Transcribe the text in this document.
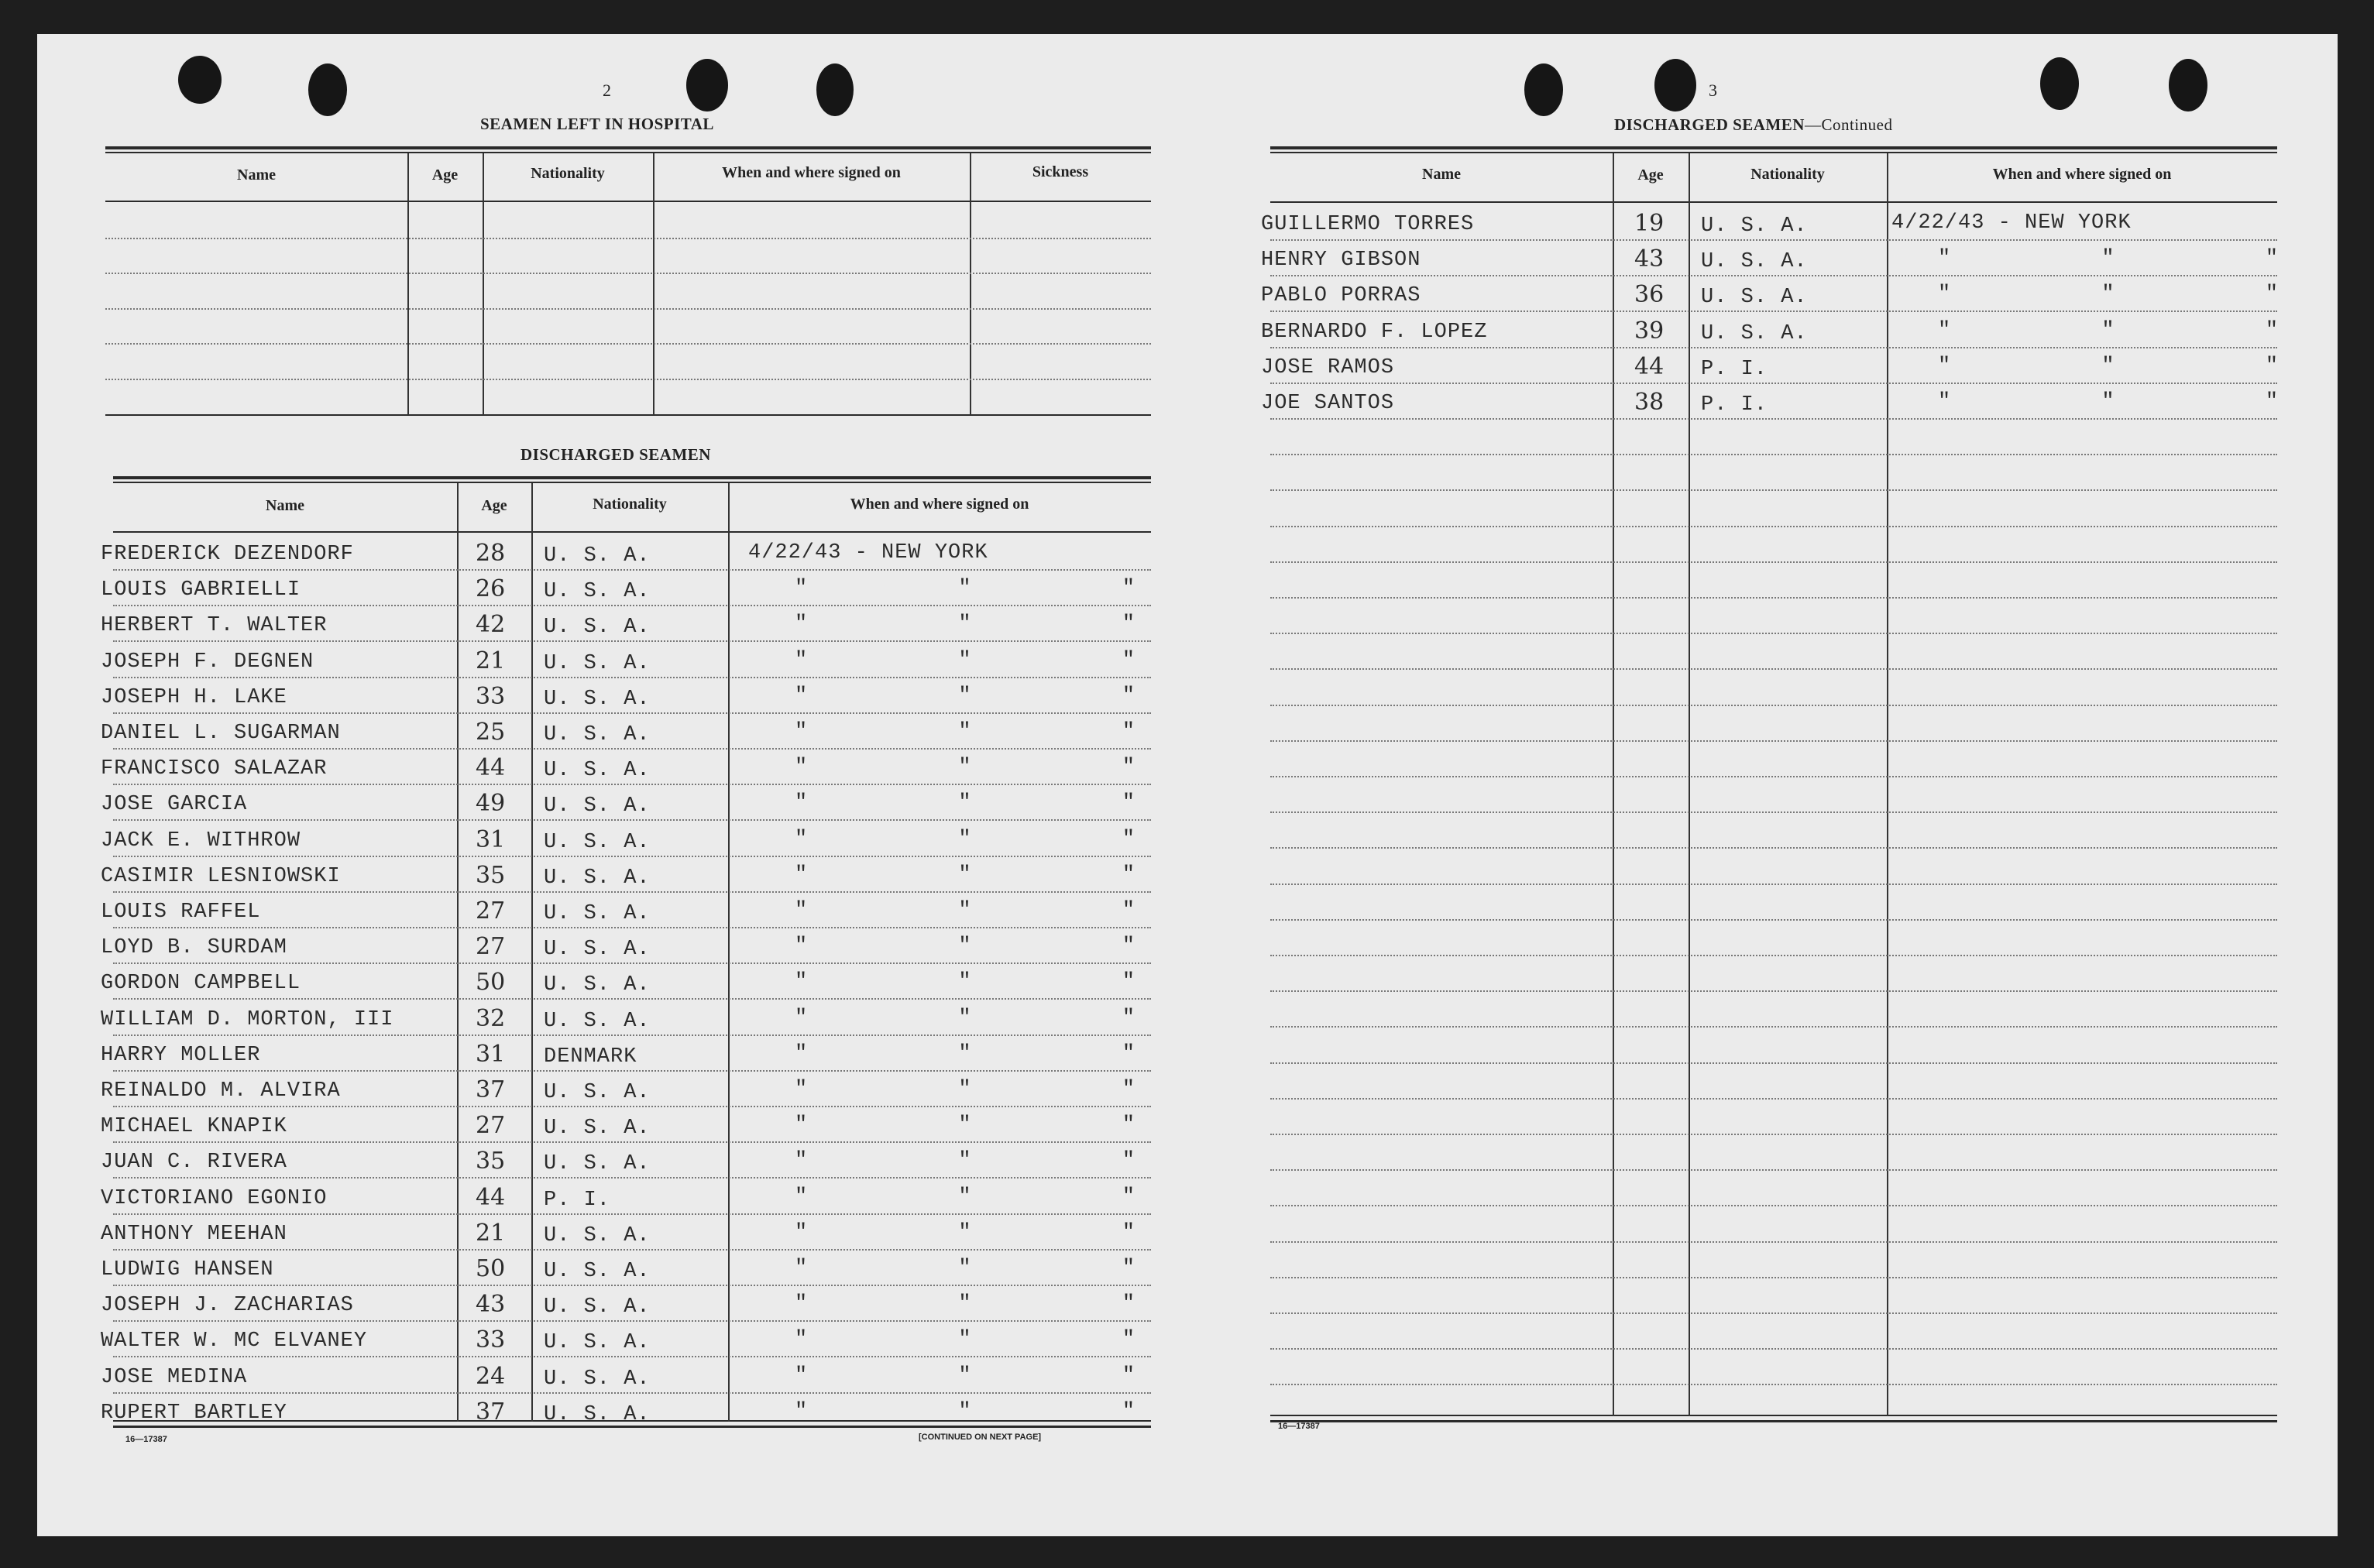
2
SEAMEN LEFT IN HOSPITAL
Name	Age	Nationality	When and where signed on	Sickness
DISCHARGED SEAMEN
Name	Age	Nationality	When and where signed on
FREDERICK DEZENDORF	28 U. S. A.	4/22/43 - NEW YORK
LOUIS GABRIELLI	26 U. S. A.	"      "      "
HERBERT T. WALTER	42 U. S. A.	"      "      "
JOSEPH F. DEGNEN	21 U. S. A.	"      "      "
JOSEPH H. LAKE	33 U. S. A.	"      "      "
DANIEL L. SUGARMAN	25 U. S. A.	"      "      "
FRANCISCO SALAZAR	44 U. S. A.	"      "      "
JOSE GARCIA	49 U. S. A.	"      "      "
JACK E. WITHROW	31 U. S. A.	"      "      "
CASIMIR LESNIOWSKI	35 U. S. A.	"      "      "
LOUIS RAFFEL	27 U. S. A.	"      "      "
LOYD B. SURDAM	27 U. S. A.	"      "      "
GORDON CAMPBELL	50 U. S. A.	"      "      "
WILLIAM D. MORTON, III	32 U. S. A.	"      "      "
HARRY MOLLER	31 DENMARK	"      "      "
REINALDO M. ALVIRA	37 U. S. A.	"      "      "
MICHAEL KNAPIK	27 U. S. A.	"      "      "
JUAN C. RIVERA	35 U. S. A.	"      "      "
VICTORIANO EGONIO	44 P. I.	"      "      "
ANTHONY MEEHAN	21 U. S. A.	"      "      "
LUDWIG HANSEN	50 U. S. A.	"      "      "
JOSEPH J. ZACHARIAS	43 U. S. A.	"      "      "
WALTER W. MC ELVANEY	33 U. S. A.	"      "      "
JOSE MEDINA	24 U. S. A.	"      "      "
RUPERT BARTLEY	37 U. S. A.	"      "      "
16—17387	[CONTINUED ON NEXT PAGE]
3
DISCHARGED SEAMEN—Continued
Name	Age	Nationality	When and where signed on
GUILLERMO TORRES	19 U. S. A.	4/22/43 - NEW YORK
HENRY GIBSON	43 U. S. A.	"      "      "
PABLO PORRAS	36 U. S. A.	"      "      "
BERNARDO F. LOPEZ	39 U. S. A.	"      "      "
JOSE RAMOS	44 P. I.	"      "      "
JOE SANTOS	38 P. I.	"      "      "
16—17387
